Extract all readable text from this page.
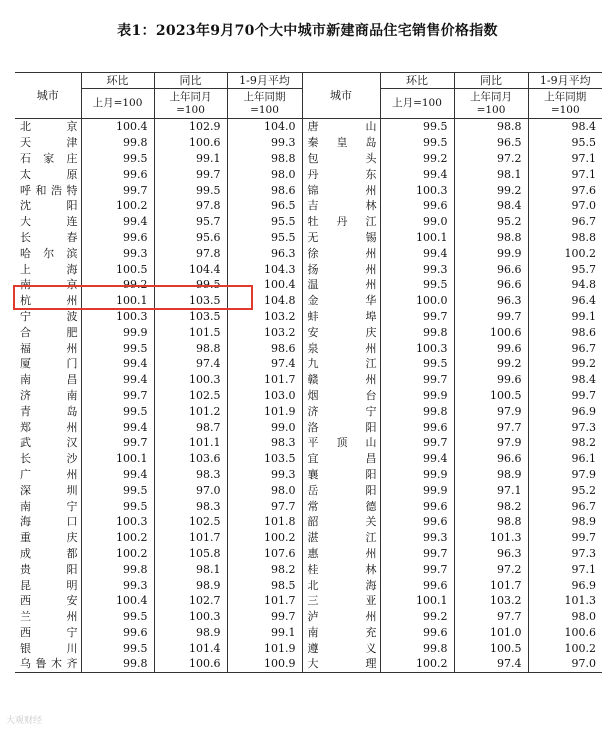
表1：2023年9月70个大中城市新建商品住宅销售价格指数
城市	环比	同比	1-9月平均	城市	环比	同比	1-9月平均
	上月=100	上年同月=100	上年同期=100		上月=100	上年同月=100	上年同期=100
北京	100.4	102.9	104.0	唐山	99.5	98.8	98.4
天津	99.8	100.6	99.3	秦皇岛	99.5	96.5	95.5
石家庄	99.5	99.1	98.8	包头	99.2	97.2	97.1
太原	99.6	99.7	98.0	丹东	99.4	98.1	97.1
呼和浩特	99.7	99.5	98.6	锦州	100.3	99.2	97.6
沈阳	100.2	97.8	96.5	吉林	99.6	98.4	97.0
大连	99.4	95.7	95.5	牡丹江	99.0	95.2	96.7
长春	99.6	95.6	95.5	无锡	100.1	98.8	98.8
哈尔滨	99.3	97.8	96.3	徐州	99.4	99.9	100.2
上海	100.5	104.4	104.3	扬州	99.3	96.6	95.7
南京	99.2	99.5	100.4	温州	99.5	96.6	94.8
杭州	100.1	103.5	104.8	金华	100.0	96.3	96.4
宁波	100.3	103.5	103.2	蚌埠	99.7	99.7	99.1
合肥	99.9	101.5	103.2	安庆	99.8	100.6	98.6
福州	99.5	98.8	98.6	泉州	100.3	99.6	96.7
厦门	99.4	97.4	97.4	九江	99.5	99.2	99.2
南昌	99.4	100.3	101.7	赣州	99.7	99.6	98.4
济南	99.7	102.5	103.0	烟台	99.9	100.5	99.7
青岛	99.5	101.2	101.9	济宁	99.8	97.9	96.9
郑州	99.4	98.7	99.0	洛阳	99.6	97.7	97.3
武汉	99.7	101.1	98.3	平顶山	99.7	97.9	98.2
长沙	100.1	103.6	103.5	宜昌	99.4	96.6	96.1
广州	99.4	98.3	99.3	襄阳	99.9	98.9	97.9
深圳	99.5	97.0	98.0	岳阳	99.9	97.1	95.2
南宁	99.5	98.3	97.7	常德	99.6	98.2	96.7
海口	100.3	102.5	101.8	韶关	99.6	98.8	98.9
重庆	100.2	101.7	100.2	湛江	99.3	101.3	99.7
成都	100.2	105.8	107.6	惠州	99.7	96.3	97.3
贵阳	99.8	98.1	98.2	桂林	99.7	97.2	97.1
昆明	99.3	98.9	98.5	北海	99.6	101.7	96.9
西安	100.4	102.7	101.7	三亚	100.1	103.2	101.3
兰州	99.5	100.3	99.7	泸州	99.2	97.7	98.0
西宁	99.6	98.9	99.1	南充	99.6	101.0	100.6
银川	99.5	101.4	101.9	遵义	99.8	100.5	100.2
乌鲁木齐	99.8	100.6	100.9	大理	100.2	97.4	97.0
大观财经
